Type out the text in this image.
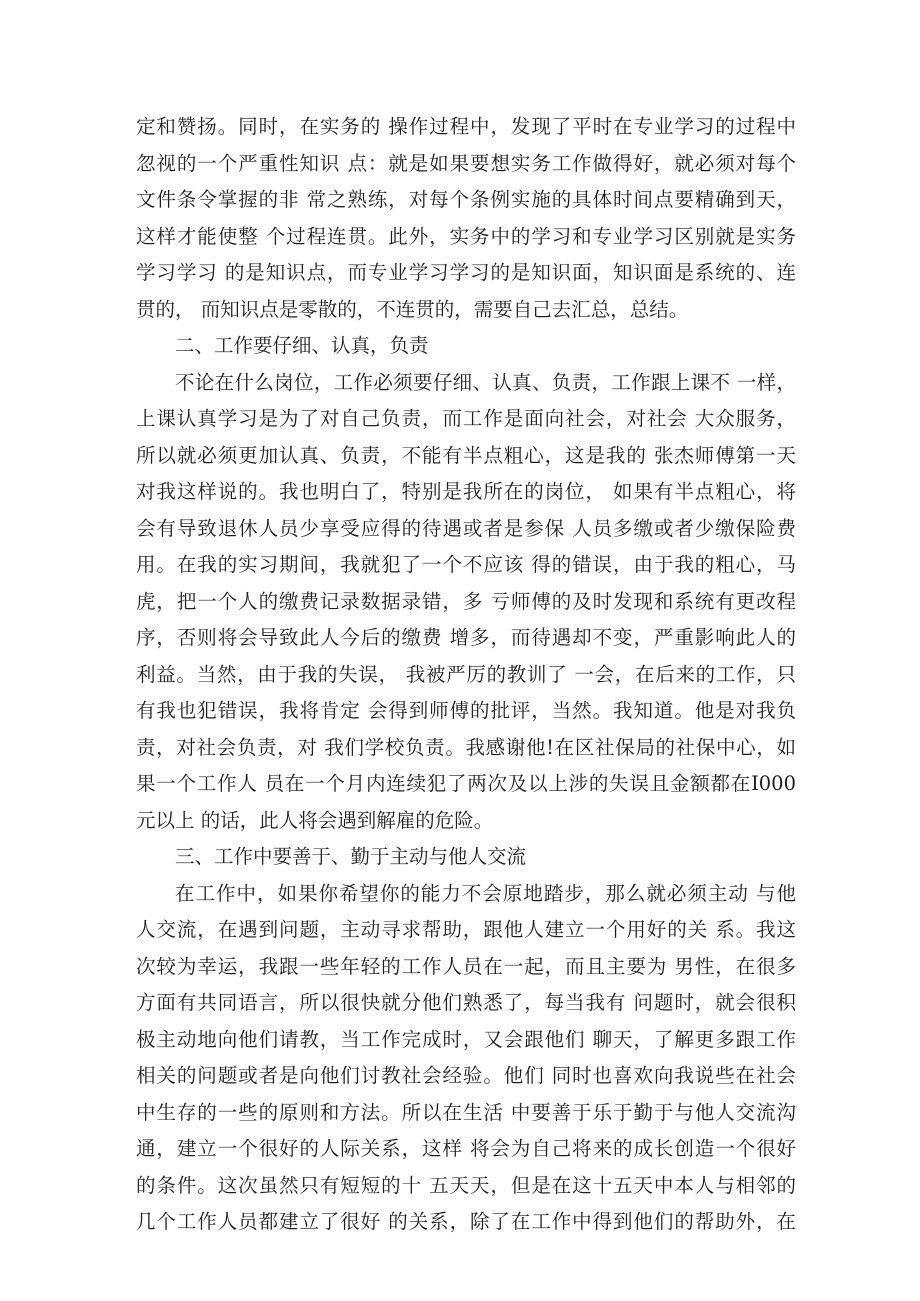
定和赞扬。同时，在实务的 操作过程中，发现了平时在专业学习的过程中
忽视的一个严重性知识 点：就是如果要想实务工作做得好，就必须对每个
文件条令掌握的非 常之熟练，对每个条例实施的具体时间点要精确到天，
这样才能使整 个过程连贯。此外，实务中的学习和专业学习区别就是实务
学习学习 的是知识点，而专业学习学习的是知识面，知识面是系统的、连
贯的， 而知识点是零散的，不连贯的，需要自己去汇总，总结。
二、工作要仔细、认真，负责
不论在什么岗位，工作必须要仔细、认真、负责，工作跟上课不 一样，
上课认真学习是为了对自己负责，而工作是面向社会，对社会 大众服务，
所以就必须更加认真、负责，不能有半点粗心，这是我的 张杰师傅第一天
对我这样说的。我也明白了，特别是我所在的岗位， 如果有半点粗心，将
会有导致退休人员少享受应得的待遇或者是参保 人员多缴或者少缴保险费
用。在我的实习期间，我就犯了一个不应该 得的错误，由于我的粗心，马
虎，把一个人的缴费记录数据录错，多 亏师傅的及时发现和系统有更改程
序，否则将会导致此人今后的缴费 增多，而待遇却不变，严重影响此人的
利益。当然，由于我的失误， 我被严厉的教训了 一会，在后来的工作，只
有我也犯错误，我将肯定 会得到师傅的批评，当然。我知道。他是对我负
责，对社会负责，对 我们学校负责。我感谢他!在区社保局的社保中心，如
果一个工作人 员在一个月内连续犯了两次及以上涉的失误且金额都在I000
元以上 的话，此人将会遇到解雇的危险。
三、工作中要善于、勤于主动与他人交流
在工作中，如果你希望你的能力不会原地踏步，那么就必须主动 与他
人交流，在遇到问题，主动寻求帮助，跟他人建立一个用好的关 系。我这
次较为幸运，我跟一些年轻的工作人员在一起，而且主要为 男性，在很多
方面有共同语言，所以很快就分他们熟悉了，每当我有 问题时，就会很积
极主动地向他们请教，当工作完成时，又会跟他们 聊天，了解更多跟工作
相关的问题或者是向他们讨教社会经验。他们 同时也喜欢向我说些在社会
中生存的一些的原则和方法。所以在生活 中要善于乐于勤于与他人交流沟
通，建立一个很好的人际关系，这样 将会为自己将来的成长创造一个很好
的条件。这次虽然只有短短的十 五天天，但是在这十五天中本人与相邻的
几个工作人员都建立了很好 的关系，除了在工作中得到他们的帮助外，在
